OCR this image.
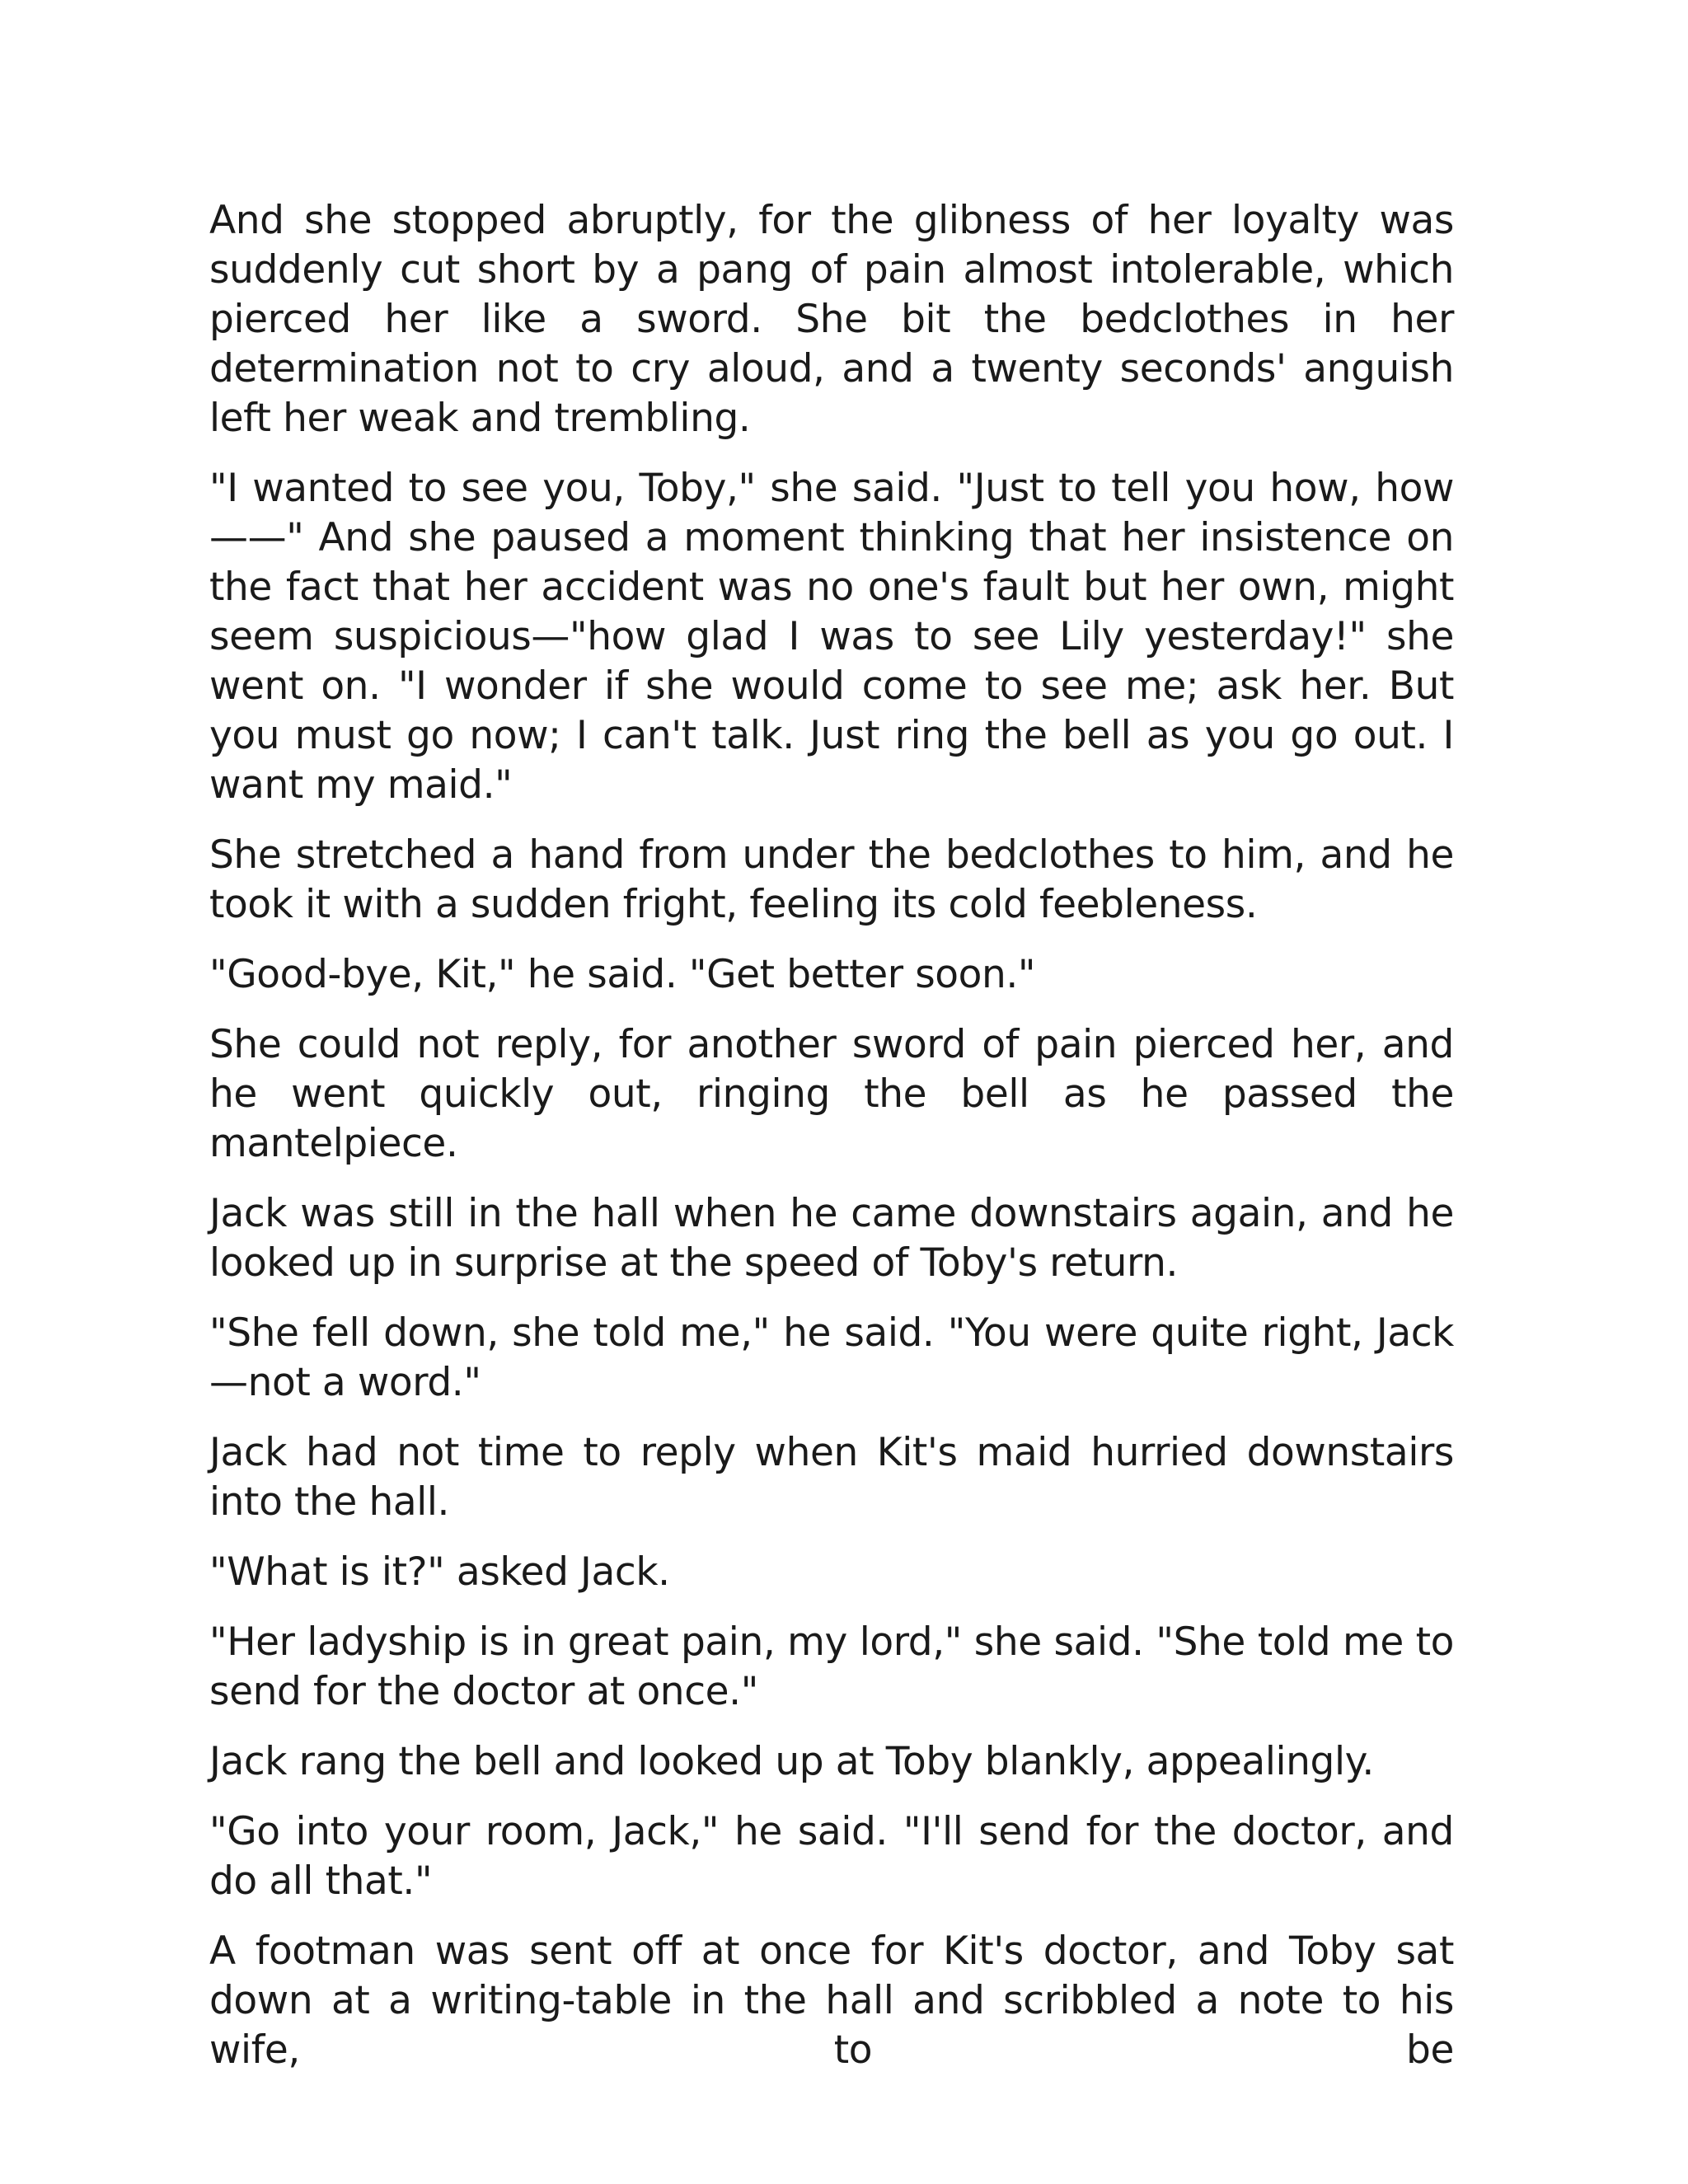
And she stopped abruptly, for the glibness of her loyalty was suddenly cut short by a pang of pain almost intolerable, which pierced her like a sword. She bit the bedclothes in her determination not to cry aloud, and a twenty seconds' anguish left her weak and trembling.

"I wanted to see you, Toby," she said. "Just to tell you how, how ——" And she paused a moment thinking that her insistence on the fact that her accident was no one's fault but her own, might seem suspicious—"how glad I was to see Lily yesterday!" she went on. "I wonder if she would come to see me; ask her. But you must go now; I can't talk. Just ring the bell as you go out. I want my maid."

She stretched a hand from under the bedclothes to him, and he took it with a sudden fright, feeling its cold feebleness.

"Good-bye, Kit," he said. "Get better soon."

She could not reply, for another sword of pain pierced her, and he went quickly out, ringing the bell as he passed the mantelpiece.

Jack was still in the hall when he came downstairs again, and he looked up in surprise at the speed of Toby's return.

"She fell down, she told me," he said. "You were quite right, Jack—not a word."

Jack had not time to reply when Kit's maid hurried downstairs into the hall.

"What is it?" asked Jack.

"Her ladyship is in great pain, my lord," she said. "She told me to send for the doctor at once."

Jack rang the bell and looked up at Toby blankly, appealingly.

"Go into your room, Jack," he said. "I'll send for the doctor, and do all that."

A footman was sent off at once for Kit's doctor, and Toby sat down at a writing-table in the hall and scribbled a note to his wife, to be
